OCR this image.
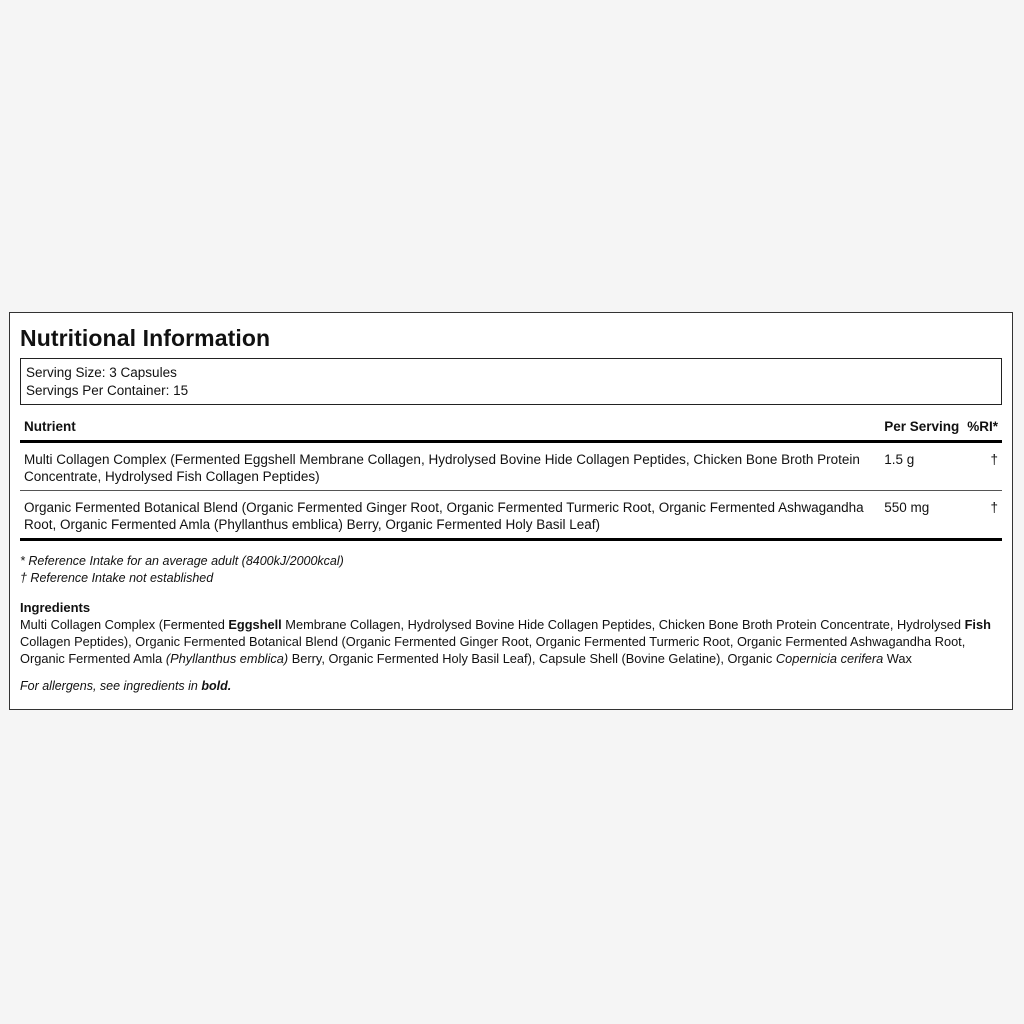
Nutritional Information
Serving Size: 3 Capsules
Servings Per Container: 15
Nutrient	Per Serving	%RI*
Multi Collagen Complex (Fermented Eggshell Membrane Collagen, Hydrolysed Bovine Hide Collagen Peptides, Chicken Bone Broth Protein Concentrate, Hydrolysed Fish Collagen Peptides)	1.5 g	†
Organic Fermented Botanical Blend (Organic Fermented Ginger Root, Organic Fermented Turmeric Root, Organic Fermented Ashwagandha Root, Organic Fermented Amla (Phyllanthus emblica) Berry, Organic Fermented Holy Basil Leaf)	550 mg	†
* Reference Intake for an average adult (8400kJ/2000kcal)
† Reference Intake not established
Ingredients
Multi Collagen Complex (Fermented Eggshell Membrane Collagen, Hydrolysed Bovine Hide Collagen Peptides, Chicken Bone Broth Protein Concentrate, Hydrolysed Fish Collagen Peptides), Organic Fermented Botanical Blend (Organic Fermented Ginger Root, Organic Fermented Turmeric Root, Organic Fermented Ashwagandha Root, Organic Fermented Amla (Phyllanthus emblica) Berry, Organic Fermented Holy Basil Leaf), Capsule Shell (Bovine Gelatine), Organic Copernicia cerifera Wax
For allergens, see ingredients in bold.
